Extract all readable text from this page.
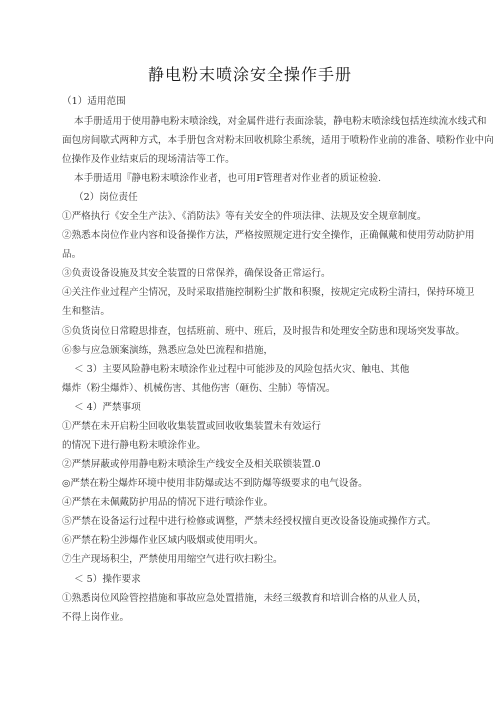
静电粉末喷涂安全操作手册
（1）适用范围
本手册适用于使用静电粉末喷涂线，对金属件进行表面涂装，静电粉末喷涂线包括连续流水线式和
面包房间歇式两种方式，本手册包含对粉末回收机除尘系统，适用于喷粉作业前的准备、喷粉作业中向
位操作及作业结束后的现场清洁等工作。
本手册适用『静电粉末喷涂作业者，也可用F管理者对作业者的质证检验.
（2）岗位责任
①严格执行《安全生产法》、《消防法》等有关安全的件项法律、法规及安全规章制度。
②熟悉本岗位作业内容和设备操作方法，严格按照规定进行安全操作，正确佩戴和使用劳动防护用
品。
③负责设备设施及其安全装置的日常保养，确保设备正常运行。
④关注作业过程产尘情况，及时采取措施控制粉尘扩散和积聚，按规定完成粉尘清扫，保持环境卫
生和整洁。
⑤负货岗位日常瞪思排查，包括班前、班中、班后，及时报告和处理安全防患和现场突发事故。
⑥参与应急颁案演练，熟悉应急处巴流程和措施，
＜ 3）主要风险静电粉末喷涂作业过程中可能涉及的风险包括火灾、触电、其他
爆炸（粉尘爆炸）、机械伤害、其他伤害（砸伤、尘肺）等情况。
＜ 4）严禁事项
①严禁在未开启粉尘回收收集装置或回收收集装置未有效运行
的情况下进行静电粉末喷涂作业。
②严禁屏蔽或停用静电粉末喷涂生产线安全及相关联锁装置.0
◎严禁在粉尘爆炸环境中使用非防爆或达不到防爆等级要求的电气设备。
④严禁在未佩戴防护用品的情况下进行喷涂作业。
⑤严禁在设备运行过程中进行检修或调整，严禁未经授权擅自更改设备设施或操作方式。
⑥严禁在粉尘涉爆作业区域内吸烟或使用明火。
⑦生产现场积尘，严禁使用用缩空气进行吹扫粉尘。
＜ 5）操作要求
①熟悉岗位风险管控措施和事故应急处置措施，未经三级教育和培训合格的从业人员，
不得上岗作业。
